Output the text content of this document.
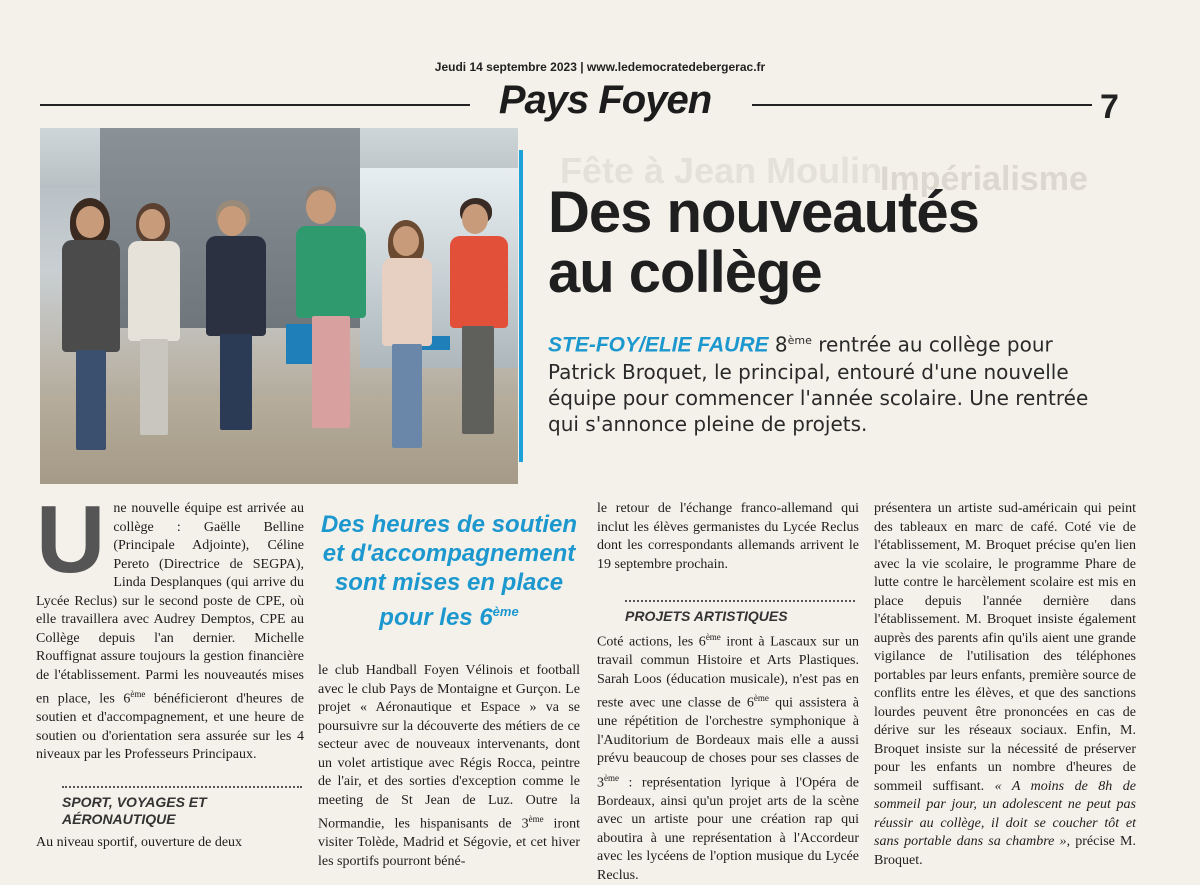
Impérialisme
Fête à Jean Moulin
Jeudi 14 septembre 2023 | www.ledemocratedebergerac.fr
Pays Foyen	7
Des nouveautés
au collège
STE-FOY/ELIE FAURE 8ème rentrée au collège pour Patrick Broquet, le principal, entouré d'une nouvelle équipe pour commencer l'année scolaire. Une rentrée qui s'annonce pleine de projets.

Une nouvelle équipe est arrivée au collège : Gaëlle Belline (Principale Adjointe), Céline Pereto (Directrice de SEGPA), Linda Desplanques (qui arrive du Lycée Reclus) sur le second poste de CPE, où elle travaillera avec Audrey Demptos, CPE au Collège depuis l'an dernier. Michelle Rouffignat assure toujours la gestion financière de l'établissement. Parmi les nouveautés mises en place, les 6ème bénéficieront d'heures de soutien et d'accompagnement, et une heure de soutien ou d'orientation sera assurée sur les 4 niveaux par les Professeurs Principaux.

SPORT, VOYAGES ET AÉRONAUTIQUE
Au niveau sportif, ouverture de deux
Des heures de soutien et d'accompagnement sont mises en place pour les 6ème

le club Handball Foyen Vélinois et football avec le club Pays de Montaigne et Gurçon. Le projet « Aéronautique et Espace » va se poursuivre sur la découverte des métiers de ce secteur avec de nouveaux intervenants, dont un volet artistique avec Régis Rocca, peintre de l'air, et des sorties d'exception comme le meeting de St Jean de Luz. Outre la Normandie, les hispanisants de 3ème iront visiter Tolède, Madrid et Ségovie, et cet hiver les sportifs pourront béné-

le retour de l'échange franco-allemand qui inclut les élèves germanistes du Lycée Reclus dont les correspondants allemands arrivent le 19 septembre prochain.

PROJETS ARTISTIQUES

Coté actions, les 6ème iront à Lascaux sur un travail commun Histoire et Arts Plastiques. Sarah Loos (éducation musicale), n'est pas en reste avec une classe de 6ème qui assistera à une répétition de l'orchestre symphonique à l'Auditorium de Bordeaux mais elle a aussi prévu beaucoup de choses pour ses classes de 3ème : représentation lyrique à l'Opéra de Bordeaux, ainsi qu'un projet arts de la scène avec un artiste pour une création rap qui aboutira à une représentation à l'Accordeur avec les lycéens de l'option musique du Lycée Reclus.

présentera un artiste sud-américain qui peint des tableaux en marc de café. Coté vie de l'établissement, M. Broquet précise qu'en lien avec la vie scolaire, le programme Phare de lutte contre le harcèlement scolaire est mis en place depuis l'année dernière dans l'établissement. M. Broquet insiste également auprès des parents afin qu'ils aient une grande vigilance de l'utilisation des téléphones portables par leurs enfants, première source de conflits entre les élèves, et que des sanctions lourdes peuvent être prononcées en cas de dérive sur les réseaux sociaux. Enfin, M. Broquet insiste sur la nécessité de préserver pour les enfants un nombre d'heures de sommeil suffisant. « A moins de 8h de sommeil par jour, un adolescent ne peut pas réussir au collège, il doit se coucher tôt et sans portable dans sa chambre », précise M. Broquet.
